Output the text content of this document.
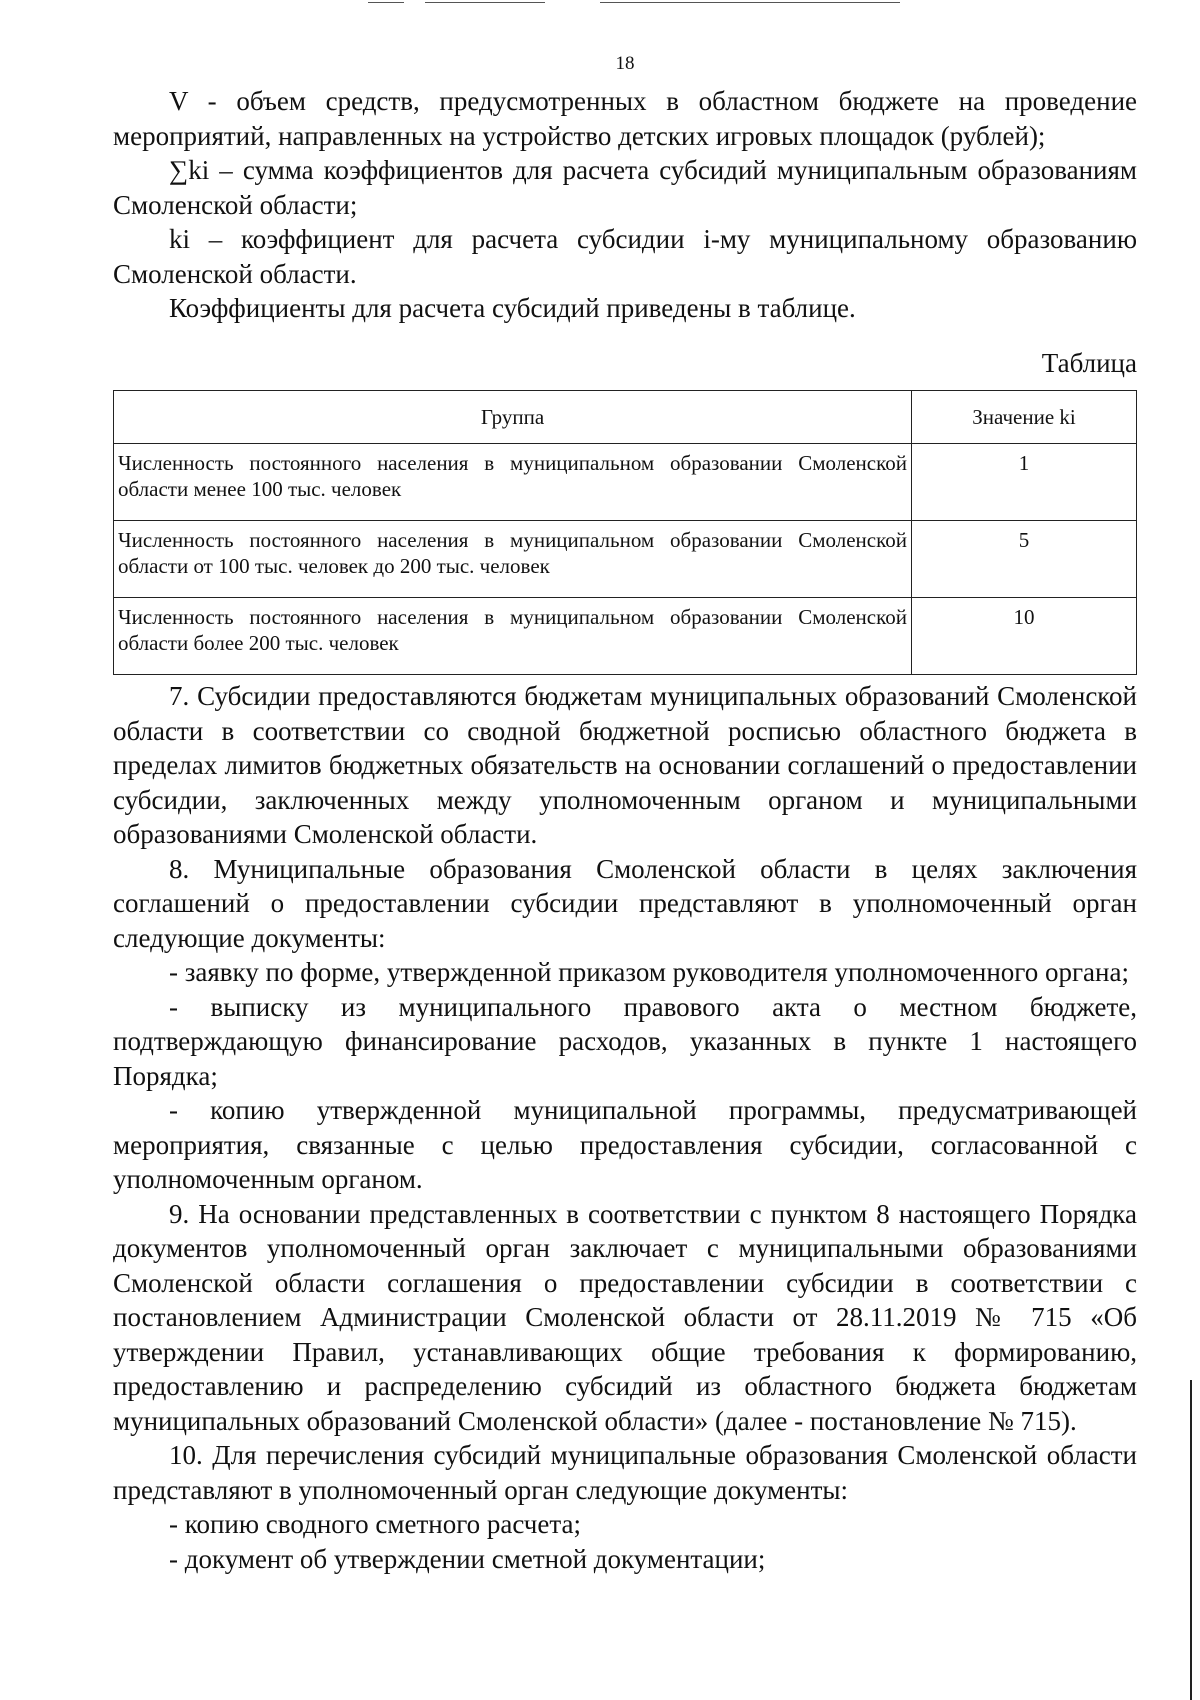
18

V - объем средств, предусмотренных в областном бюджете на проведение мероприятий, направленных на устройство детских игровых площадок (рублей);

∑ki – сумма коэффициентов для расчета субсидий муниципальным образованиям Смоленской области;

ki – коэффициент для расчета субсидии i-му муниципальному образованию Смоленской области.

Коэффициенты для расчета субсидий приведены в таблице.

Таблица
Группа	Значение ki
Численность постоянного населения в муниципальном образовании Смоленской области менее 100 тыс. человек	1
Численность постоянного населения в муниципальном образовании Смоленской области от 100 тыс. человек до 200 тыс. человек	5
Численность постоянного населения в муниципальном образовании Смоленской области более 200 тыс. человек	10

7. Субсидии предоставляются бюджетам муниципальных образований Смоленской области в соответствии со сводной бюджетной росписью областного бюджета в пределах лимитов бюджетных обязательств на основании соглашений о предоставлении субсидии, заключенных между уполномоченным органом и муниципальными образованиями Смоленской области.

8. Муниципальные образования Смоленской области в целях заключения соглашений о предоставлении субсидии представляют в уполномоченный орган следующие документы:

- заявку по форме, утвержденной приказом руководителя уполномоченного органа;

- выписку из муниципального правового акта о местном бюджете, подтверждающую финансирование расходов, указанных в пункте 1 настоящего Порядка;

- копию утвержденной муниципальной программы, предусматривающей мероприятия, связанные с целью предоставления субсидии, согласованной с уполномоченным органом.

9. На основании представленных в соответствии с пунктом 8 настоящего Порядка документов уполномоченный орган заключает с муниципальными образованиями Смоленской области соглашения о предоставлении субсидии в соответствии с постановлением Администрации Смоленской области от 28.11.2019 № 715 «Об утверждении Правил, устанавливающих общие требования к формированию, предоставлению и распределению субсидий из областного бюджета бюджетам муниципальных образований Смоленской области» (далее - постановление № 715).

10. Для перечисления субсидий муниципальные образования Смоленской области представляют в уполномоченный орган следующие документы:

- копию сводного сметного расчета;

- документ об утверждении сметной документации;
